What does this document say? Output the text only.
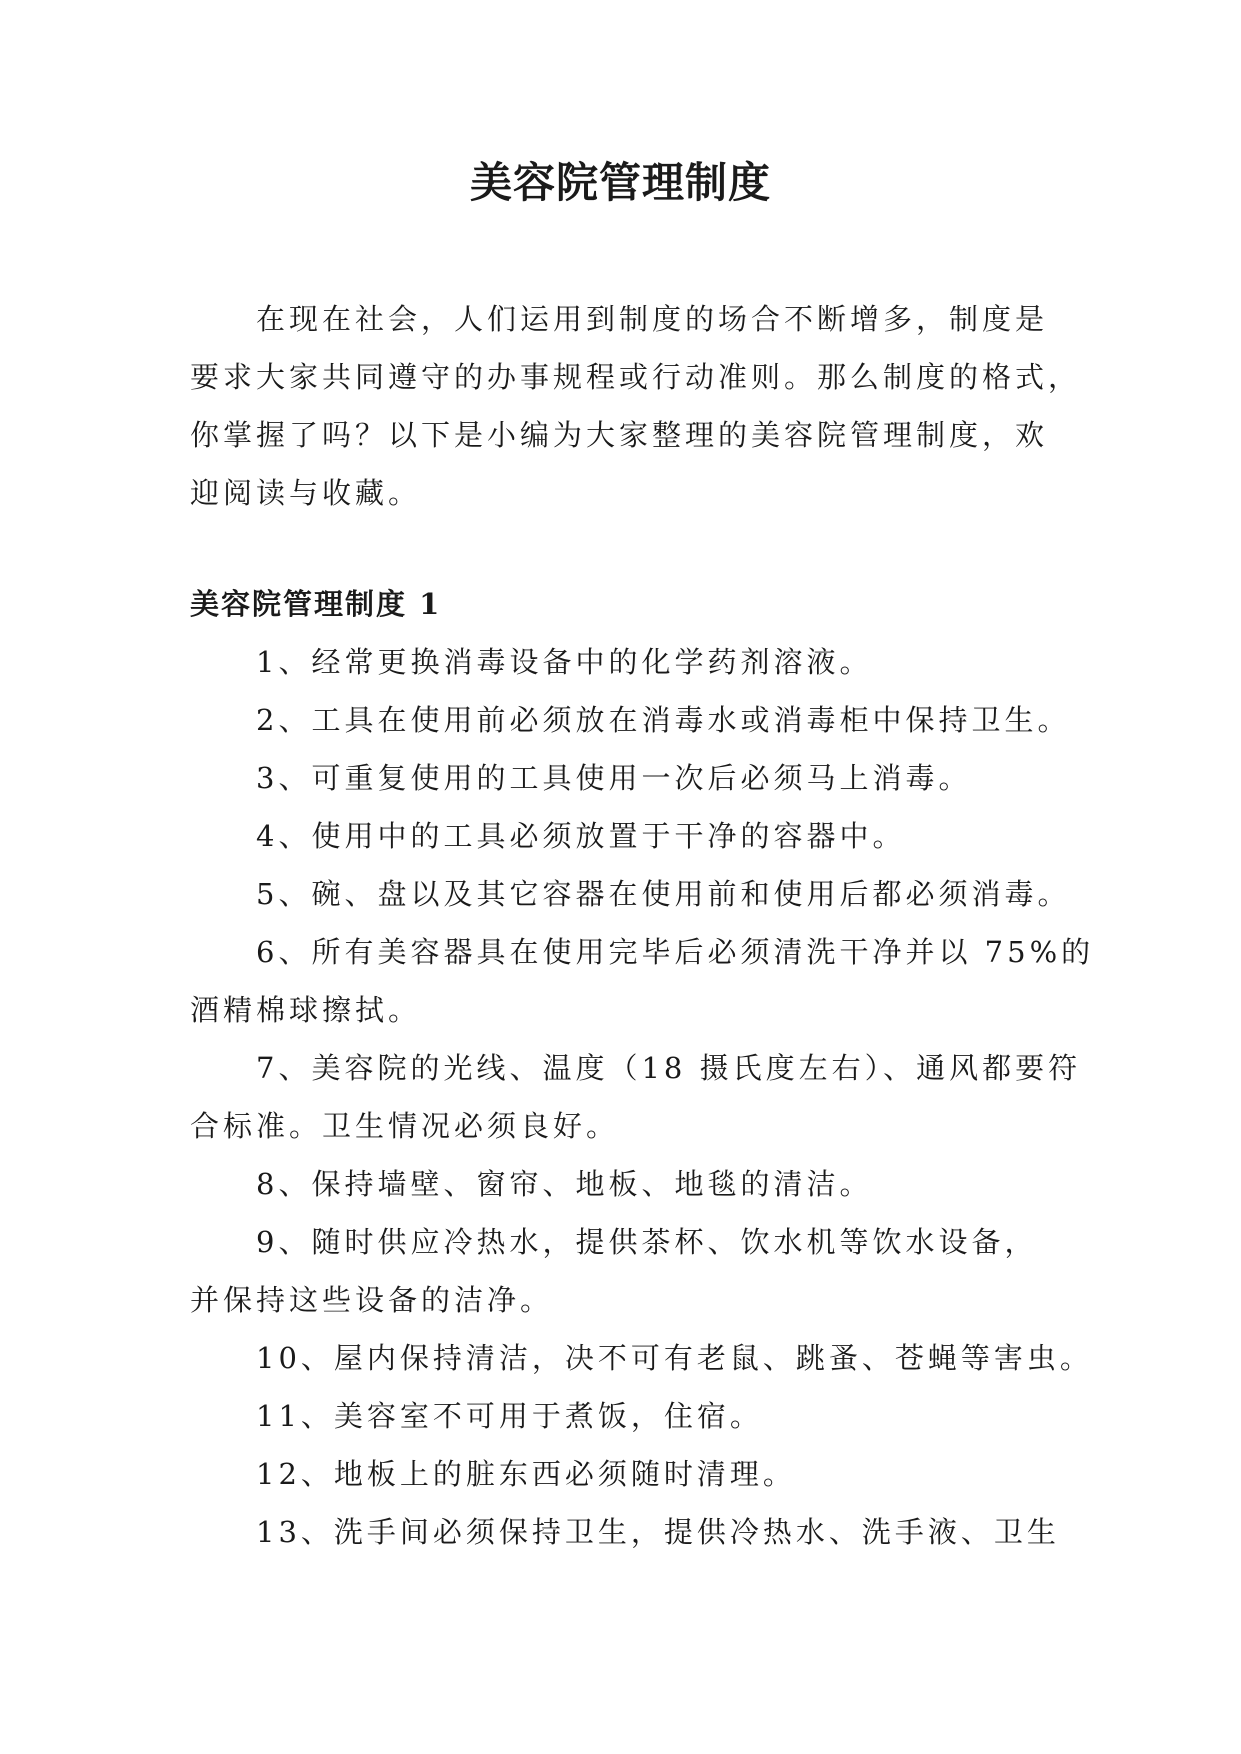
美容院管理制度

在现在社会，人们运用到制度的场合不断增多，制度是
要求大家共同遵守的办事规程或行动准则。那么制度的格式，
你掌握了吗？以下是小编为大家整理的美容院管理制度，欢
迎阅读与收藏。

美容院管理制度 1
1、经常更换消毒设备中的化学药剂溶液。
2、工具在使用前必须放在消毒水或消毒柜中保持卫生。
3、可重复使用的工具使用一次后必须马上消毒。
4、使用中的工具必须放置于干净的容器中。
5、碗、盘以及其它容器在使用前和使用后都必须消毒。
6、所有美容器具在使用完毕后必须清洗干净并以 75%的
酒精棉球擦拭。
7、美容院的光线、温度（18 摄氏度左右）、通风都要符
合标准。卫生情况必须良好。
8、保持墙壁、窗帘、地板、地毯的清洁。
9、随时供应冷热水，提供茶杯、饮水机等饮水设备，
并保持这些设备的洁净。
10、屋内保持清洁，决不可有老鼠、跳蚤、苍蝇等害虫。
11、美容室不可用于煮饭，住宿。
12、地板上的脏东西必须随时清理。
13、洗手间必须保持卫生，提供冷热水、洗手液、卫生
